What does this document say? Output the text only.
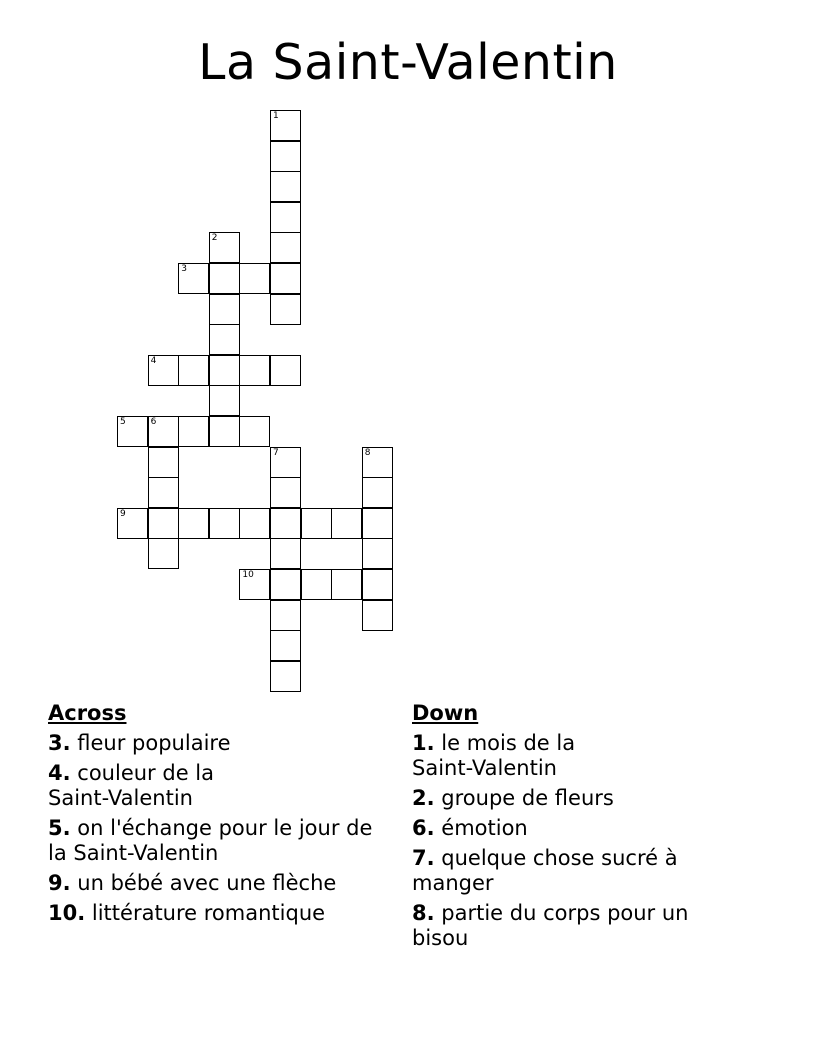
La Saint-Valentin
1
2
3
4
5	6
7	8
9
10
Across
3. fleur populaire
4. couleur de la Saint-Valentin
5. on l'échange pour le jour de la Saint-Valentin
9. un bébé avec une flèche
10. littérature romantique
Down
1. le mois de la Saint-Valentin
2. groupe de fleurs
6. émotion
7. quelque chose sucré à manger
8. partie du corps pour un bisou
